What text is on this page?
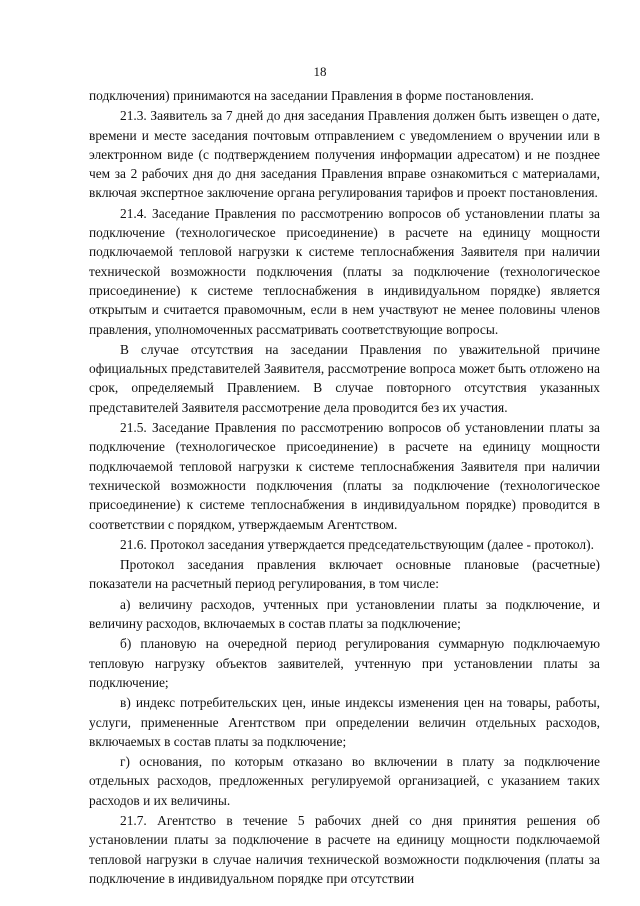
18

подключения) принимаются на заседании Правления в форме постановления.

21.3. Заявитель за 7 дней до дня заседания Правления должен быть извещен о дате, времени и месте заседания почтовым отправлением с уведомлением о вручении или в электронном виде (с подтверждением получения информации адресатом) и не позднее чем за 2 рабочих дня до дня заседания Правления вправе ознакомиться с материалами, включая экспертное заключение органа регулирования тарифов и проект постановления.

21.4. Заседание Правления по рассмотрению вопросов об установлении платы за подключение (технологическое присоединение) в расчете на единицу мощности подключаемой тепловой нагрузки к системе теплоснабжения Заявителя при наличии технической возможности подключения (платы за подключение (технологическое присоединение) к системе теплоснабжения в индивидуальном порядке) является открытым и считается правомочным, если в нем участвуют не менее половины членов правления, уполномоченных рассматривать соответствующие вопросы.

В случае отсутствия на заседании Правления по уважительной причине официальных представителей Заявителя, рассмотрение вопроса может быть отложено на срок, определяемый Правлением. В случае повторного отсутствия указанных представителей Заявителя рассмотрение дела проводится без их участия.

21.5. Заседание Правления по рассмотрению вопросов об установлении платы за подключение (технологическое присоединение) в расчете на единицу мощности подключаемой тепловой нагрузки к системе теплоснабжения Заявителя при наличии технической возможности подключения (платы за подключение (технологическое присоединение) к системе теплоснабжения в индивидуальном порядке) проводится в соответствии с порядком, утверждаемым Агентством.

21.6. Протокол заседания утверждается председательствующим (далее - протокол).

Протокол заседания правления включает основные плановые (расчетные) показатели на расчетный период регулирования, в том числе:

а) величину расходов, учтенных при установлении платы за подключение, и величину расходов, включаемых в состав платы за подключение;

б) плановую на очередной период регулирования суммарную подключаемую тепловую нагрузку объектов заявителей, учтенную при установлении платы за подключение;

в) индекс потребительских цен, иные индексы изменения цен на товары, работы, услуги, примененные Агентством при определении величин отдельных расходов, включаемых в состав платы за подключение;

г) основания, по которым отказано во включении в плату за подключение отдельных расходов, предложенных регулируемой организацией, с указанием таких расходов и их величины.

21.7. Агентство в течение 5 рабочих дней со дня принятия решения об установлении платы за подключение в расчете на единицу мощности подключаемой тепловой нагрузки в случае наличия технической возможности подключения (платы за подключение в индивидуальном порядке при отсутствии
